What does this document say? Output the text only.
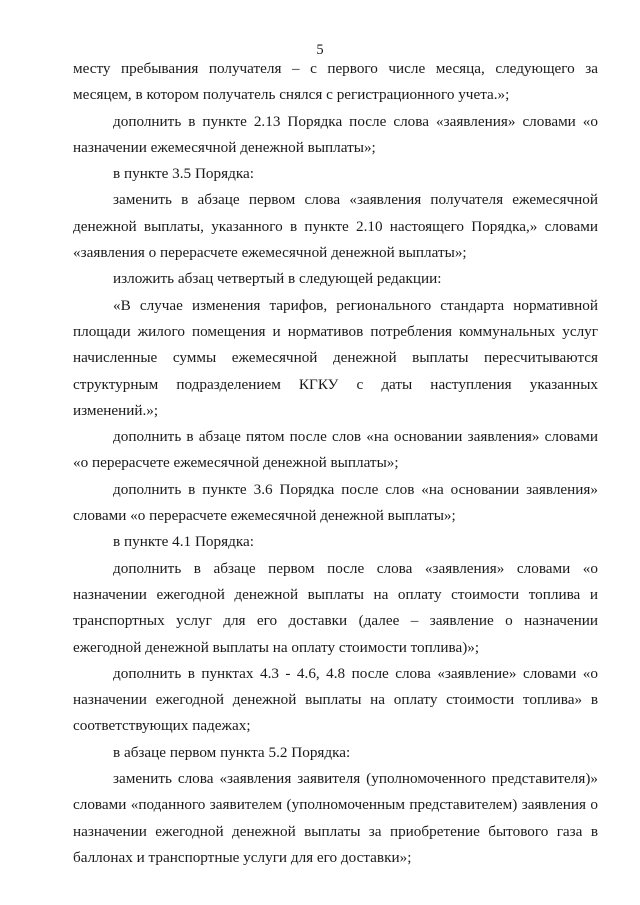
5

месту пребывания получателя – с первого числе месяца, следующего за месяцем, в котором получатель снялся с регистрационного учета.»;

дополнить в пункте 2.13 Порядка после слова «заявления» словами «о назначении ежемесячной денежной выплаты»;

в пункте 3.5 Порядка:

заменить в абзаце первом слова «заявления получателя ежемесячной денежной выплаты, указанного в пункте 2.10 настоящего Порядка,» словами «заявления о перерасчете ежемесячной денежной выплаты»;

изложить абзац четвертый в следующей редакции:

«В случае изменения тарифов, регионального стандарта нормативной площади жилого помещения и нормативов потребления коммунальных услуг начисленные суммы ежемесячной денежной выплаты пересчитываются структурным подразделением КГКУ с даты наступления указанных изменений.»;

дополнить в абзаце пятом после слов «на основании заявления» словами «о перерасчете ежемесячной денежной выплаты»;

дополнить в пункте 3.6 Порядка после слов «на основании заявления» словами «о перерасчете ежемесячной денежной выплаты»;

в пункте 4.1 Порядка:

дополнить в абзаце первом после слова «заявления» словами «о назначении ежегодной денежной выплаты на оплату стоимости топлива и транспортных услуг для его доставки (далее – заявление о назначении ежегодной денежной выплаты на оплату стоимости топлива)»;

дополнить в пунктах 4.3 - 4.6, 4.8 после слова «заявление» словами «о назначении ежегодной денежной выплаты на оплату стоимости топлива» в соответствующих падежах;

в абзаце первом пункта 5.2 Порядка:

заменить слова «заявления заявителя (уполномоченного представителя)» словами «поданного заявителем (уполномоченным представителем) заявления о назначении ежегодной денежной выплаты за приобретение бытового газа в баллонах и транспортные услуги для его доставки»;
